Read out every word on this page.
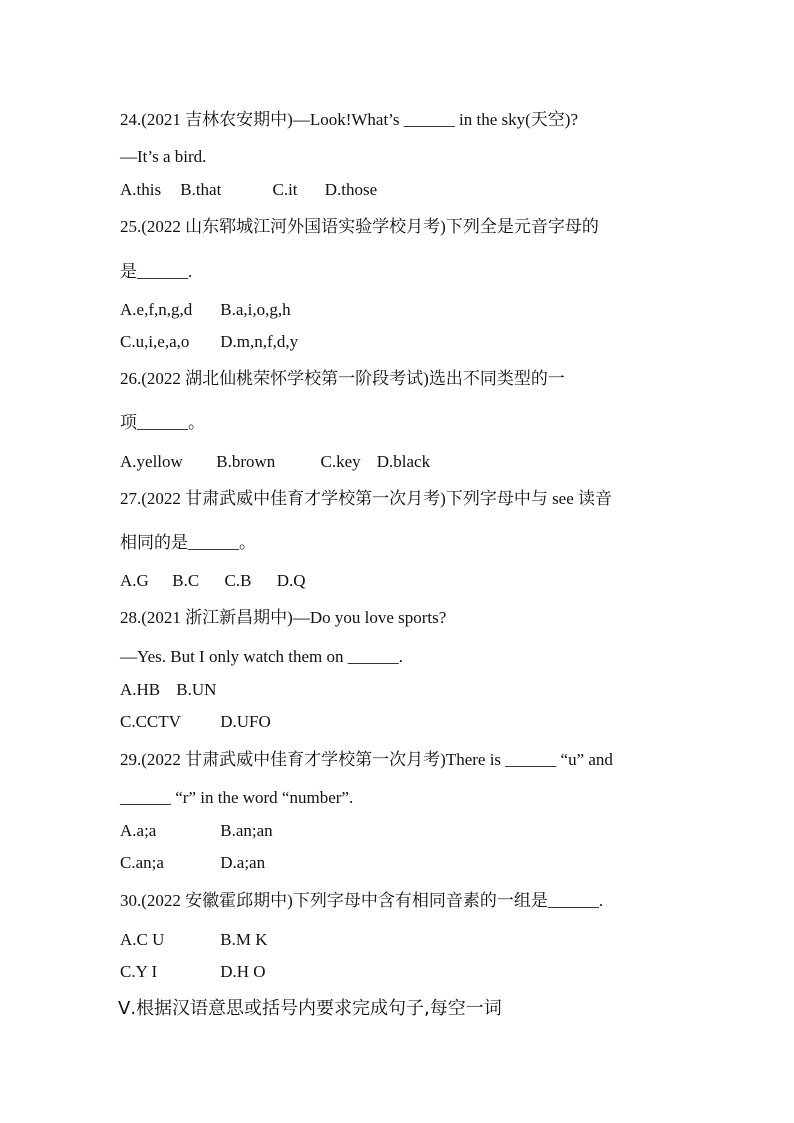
24.(2021 吉林农安期中)—Look!What’s ______ in the sky(天空)?
—It’s a bird.
A.this B.that	C.it D.those
25.(2022 山东郓城江河外国语实验学校月考)下列全是元音字母的
是______.
A.e,f,n,g,d B.a,i,o,g,h
C.u,i,e,a,o D.m,n,f,d,y
26.(2022 湖北仙桃荣怀学校第一阶段考试)选出不同类型的一
项______。
A.yellow B.brown	C.key D.black
27.(2022 甘肃武威中佳育才学校第一次月考)下列字母中与 see 读音
相同的是______。
A.G B.C C.B D.Q
28.(2021 浙江新昌期中)—Do you love sports?
—Yes. But I only watch them on ______.
A.HB B.UN
C.CCTV D.UFO
29.(2022 甘肃武威中佳育才学校第一次月考)There is ______ “u” and
______ “r” in the word “number”.
A.a;a	B.an;an
C.an;a	D.a;an
30.(2022 安徽霍邱期中)下列字母中含有相同音素的一组是______.
A.C U	B.M K
C.Y I	D.H O
Ⅴ.根据汉语意思或括号内要求完成句子,每空一词
